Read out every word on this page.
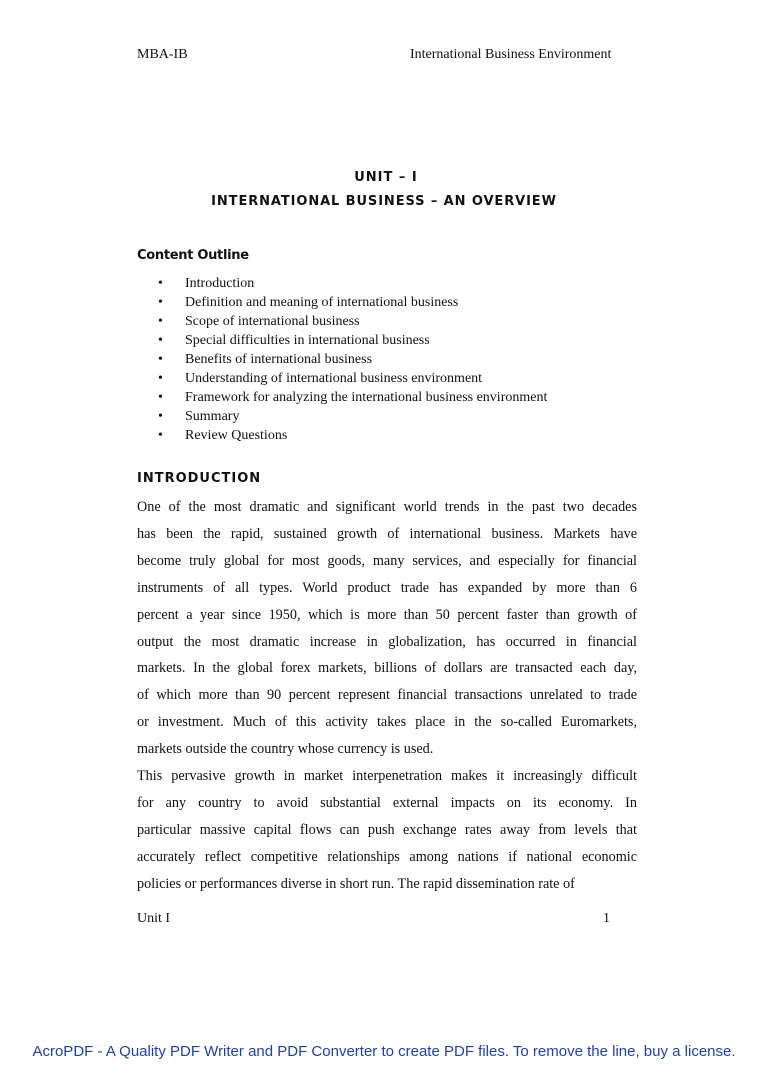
MBA-IB	International Business Environment
UNIT – I
INTERNATIONAL BUSINESS – AN OVERVIEW
Content Outline
• Introduction
• Definition and meaning of international business
• Scope of international business
• Special difficulties in international business
• Benefits of international business
• Understanding of international business environment
• Framework for analyzing the international business environment
• Summary
• Review Questions
INTRODUCTION
One of the most dramatic and significant world trends in the past two decades
has been the rapid, sustained growth of international business. Markets have
become truly global for most goods, many services, and especially for financial
instruments of all types. World product trade has expanded by more than 6
percent a year since 1950, which is more than 50 percent faster than growth of
output the most dramatic increase in globalization, has occurred in financial
markets. In the global forex markets, billions of dollars are transacted each day,
of which more than 90 percent represent financial transactions unrelated to trade
or investment. Much of this activity takes place in the so-called Euromarkets,
markets outside the country whose currency is used.
This pervasive growth in market interpenetration makes it increasingly difficult
for any country to avoid substantial external impacts on its economy. In
particular massive capital flows can push exchange rates away from levels that
accurately reflect competitive relationships among nations if national economic
policies or performances diverse in short run. The rapid dissemination rate of
Unit I	1
AcroPDF - A Quality PDF Writer and PDF Converter to create PDF files. To remove the line, buy a license.
